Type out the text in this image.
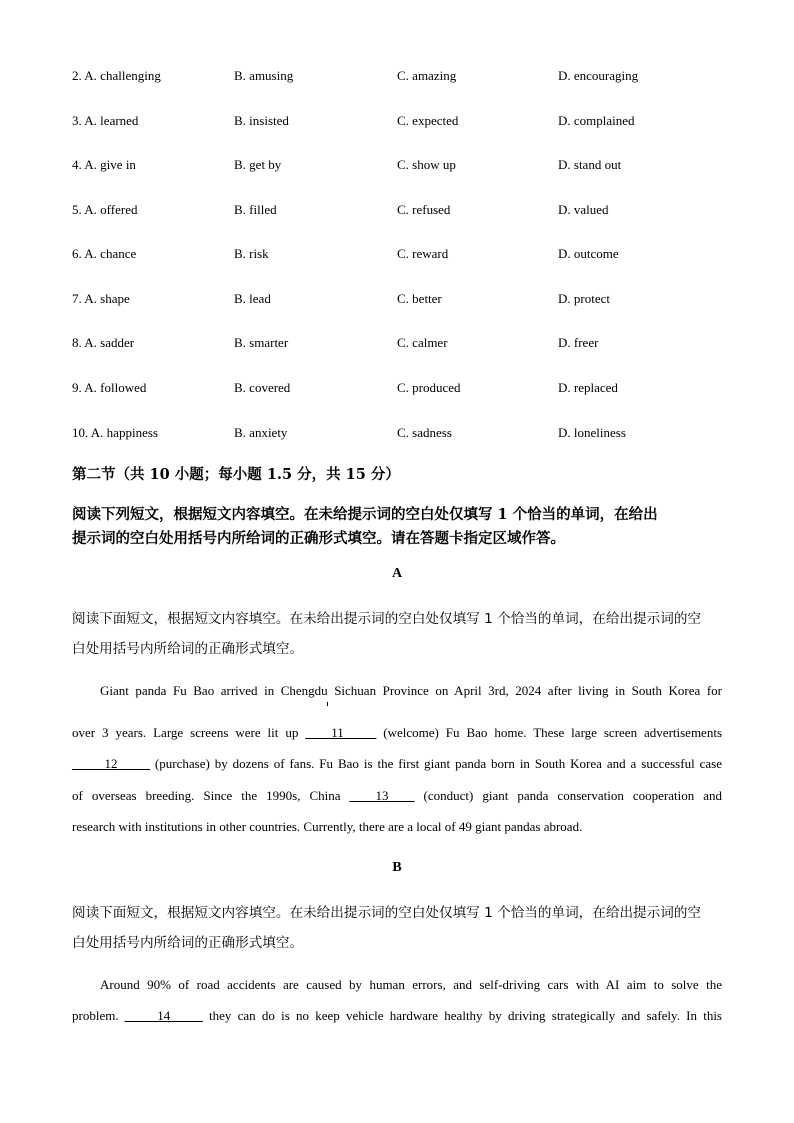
2. A. challenging	B. amusing	C. amazing	D. encouraging
3. A. learned	B. insisted	C. expected	D. complained
4. A. give in	B. get by	C. show up	D. stand out
5. A. offered	B. filled	C. refused	D. valued
6. A. chance	B. risk	C. reward	D. outcome
7. A. shape	B. lead	C. better	D. protect
8. A. sadder	B. smarter	C. calmer	D. freer
9. A. followed	B. covered	C. produced	D. replaced
10. A. happiness	B. anxiety	C. sadness	D. loneliness
第二节（共 10 小题；每小题 1.5 分，共 15 分）
阅读下列短文，根据短文内容填空。在未给提示词的空白处仅填写 1 个恰当的单词，在给出
提示词的空白处用括号内所给词的正确形式填空。请在答题卡指定区域作答。
A
阅读下面短文，根据短文内容填空。在未给出提示词的空白处仅填写 1 个恰当的单词，在给出提示词的空
白处用括号内所给词的正确形式填空。
Giant panda Fu Bao arrived in Chengdu Sichuan Province on April 3rd, 2024 after living in South Korea for
over 3 years. Large screens were lit up ____11_____ (welcome) Fu Bao home. These large screen advertisements
_____12_____ (purchase) by dozens of fans. Fu Bao is the first giant panda born in South Korea and a successful case
of overseas breeding. Since the 1990s, China ____13____ (conduct) giant panda conservation cooperation and
research with institutions in other countries. Currently, there are a local of 49 giant pandas abroad.
B
阅读下面短文，根据短文内容填空。在未给出提示词的空白处仅填写 1 个恰当的单词，在给出提示词的空
白处用括号内所给词的正确形式填空。
Around 90% of road accidents are caused by human errors, and self-driving cars with AI aim to solve the
problem. _____14_____ they can do is no keep vehicle hardware healthy by driving strategically and safely. In this
